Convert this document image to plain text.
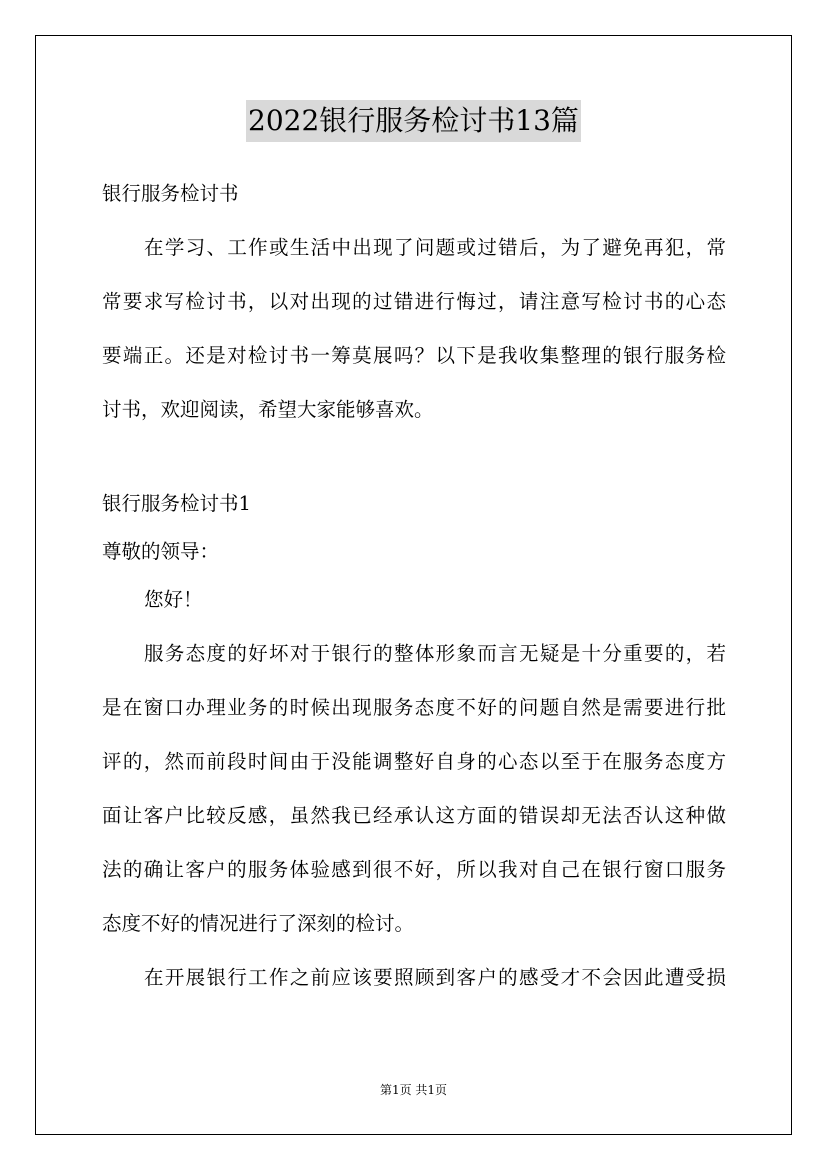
2022银行服务检讨书13篇
银行服务检讨书
在学习、工作或生活中出现了问题或过错后，为了避免再犯，常
常要求写检讨书，以对出现的过错进行悔过，请注意写检讨书的心态
要端正。还是对检讨书一筹莫展吗？以下是我收集整理的银行服务检
讨书，欢迎阅读，希望大家能够喜欢。
银行服务检讨书1
尊敬的领导：
您好！
服务态度的好坏对于银行的整体形象而言无疑是十分重要的，若
是在窗口办理业务的时候出现服务态度不好的问题自然是需要进行批
评的，然而前段时间由于没能调整好自身的心态以至于在服务态度方
面让客户比较反感，虽然我已经承认这方面的错误却无法否认这种做
法的确让客户的服务体验感到很不好，所以我对自己在银行窗口服务
态度不好的情况进行了深刻的检讨。
在开展银行工作之前应该要照顾到客户的感受才不会因此遭受损
第1页 共1页
